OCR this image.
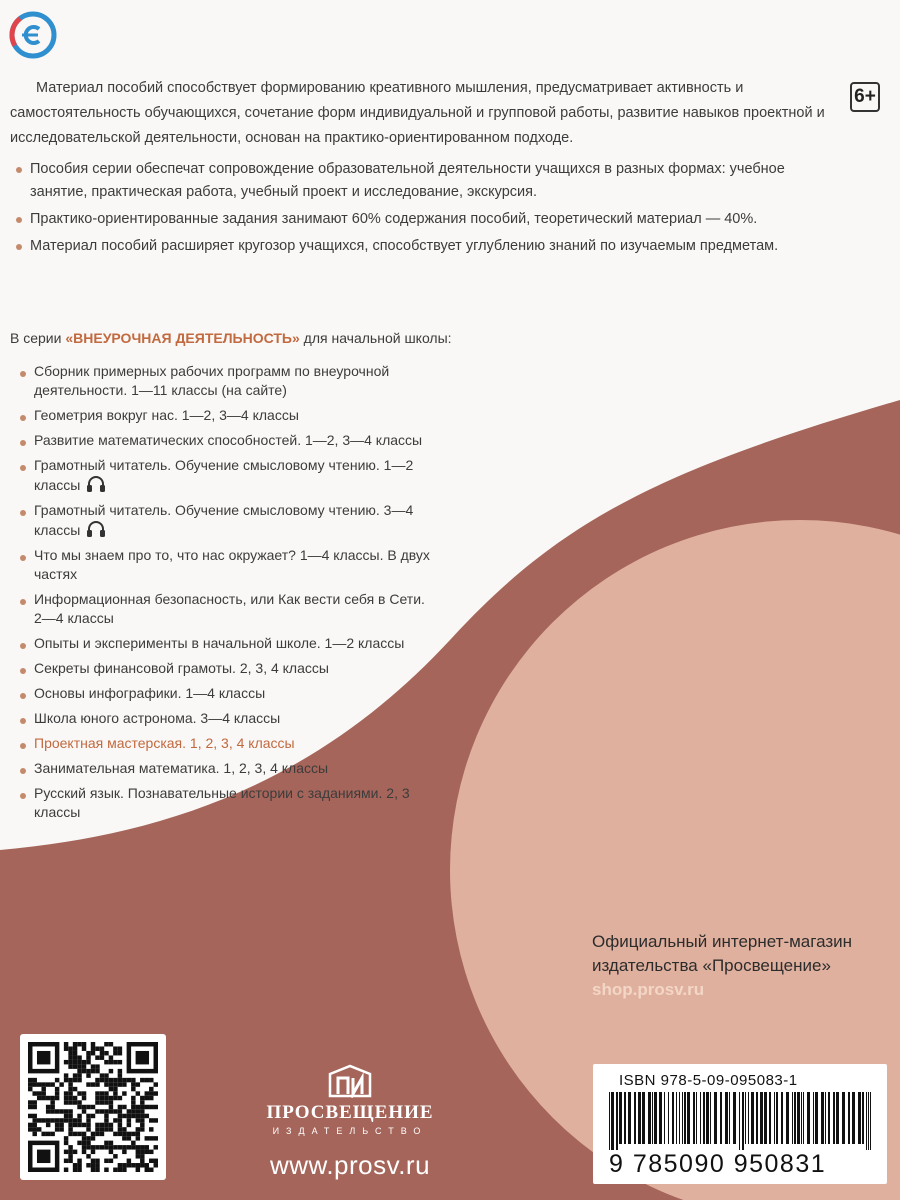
6+

Материал пособий способствует формированию креативного мышления, предусматривает активность и самостоятельность обучающихся, сочетание форм индивидуальной и групповой работы, развитие навыков проектной и исследовательской деятельности, основан на практико-ориентированном подходе.

Пособия серии обеспечат сопровождение образовательной деятельности учащихся в разных формах: учебное занятие, практическая работа, учебный проект и исследование, экскурсия.
Практико-ориентированные задания занимают 60% содержания пособий, теоретический материал — 40%.
Материал пособий расширяет кругозор учащихся, способствует углублению знаний по изучаемым предметам.

В серии «ВНЕУРОЧНАЯ ДЕЯТЕЛЬНОСТЬ» для начальной школы:

Сборник примерных рабочих программ по внеурочной деятельности. 1—11 классы (на сайте)
Геометрия вокруг нас. 1—2, 3—4 классы
Развитие математических способностей. 1—2, 3—4 классы
Грамотный читатель. Обучение смысловому чтению. 1—2 классы
Грамотный читатель. Обучение смысловому чтению. 3—4 классы
Что мы знаем про то, что нас окружает? 1—4 классы. В двух частях
Информационная безопасность, или Как вести себя в Сети. 2—4 классы
Опыты и эксперименты в начальной школе. 1—2 классы
Секреты финансовой грамоты. 2, 3, 4 классы
Основы инфографики. 1—4 классы
Школа юного астронома. 3—4 классы
Проектная мастерская. 1, 2, 3, 4 классы
Занимательная математика. 1, 2, 3, 4 классы
Русский язык. Познавательные истории с заданиями. 2, 3 классы
Официальный интернет-магазин
издательства «Просвещение»
shop.prosv.ru
ПРОСВЕЩЕНИЕ
ИЗДАТЕЛЬСТВО
www.prosv.ru
ISBN 978-5-09-095083-1
9 785090 950831
